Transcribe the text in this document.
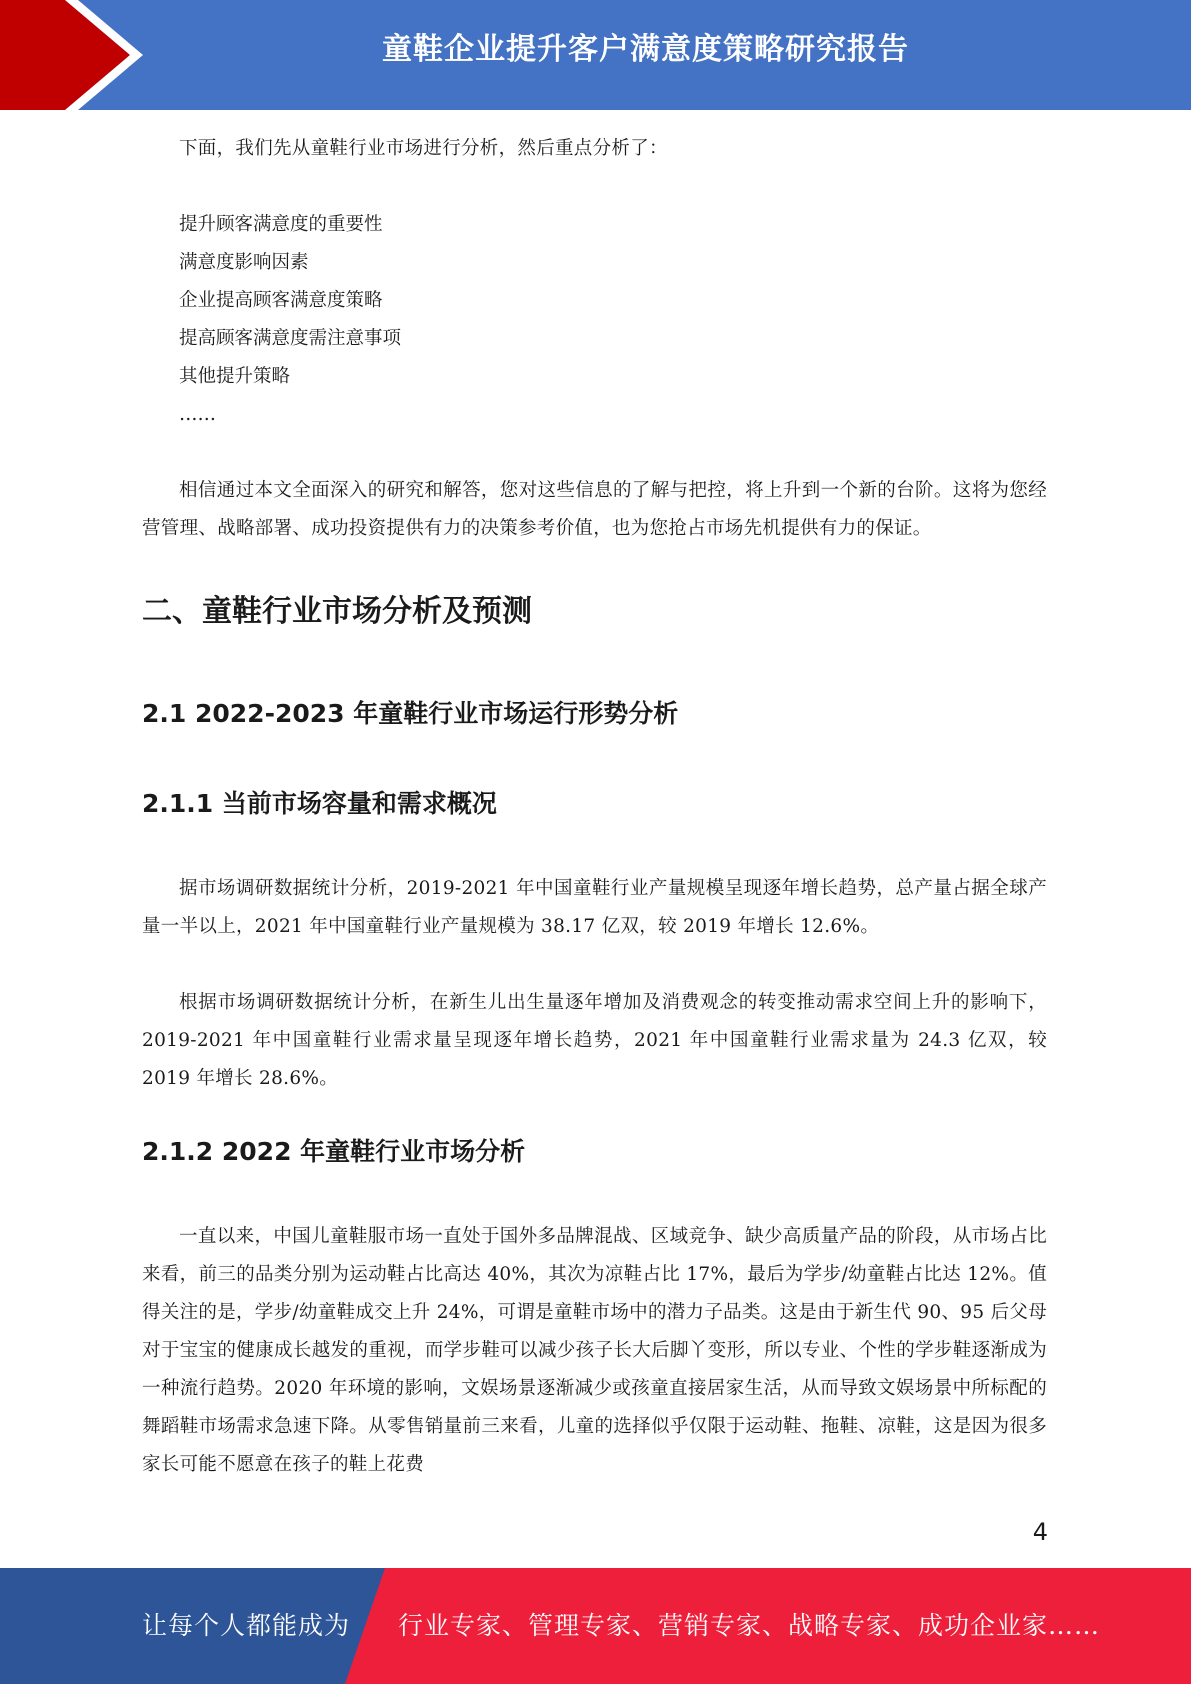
童鞋企业提升客户满意度策略研究报告

下面，我们先从童鞋行业市场进行分析，然后重点分析了：

提升顾客满意度的重要性
满意度影响因素
企业提高顾客满意度策略
提高顾客满意度需注意事项
其他提升策略
……

相信通过本文全面深入的研究和解答，您对这些信息的了解与把控，将上升到一个新的台阶。这将为您经营管理、战略部署、成功投资提供有力的决策参考价值，也为您抢占市场先机提供有力的保证。

二、童鞋行业市场分析及预测
2.1 2022-2023 年童鞋行业市场运行形势分析
2.1.1 当前市场容量和需求概况

据市场调研数据统计分析，2019-2021 年中国童鞋行业产量规模呈现逐年增长趋势，总产量占据全球产量一半以上，2021 年中国童鞋行业产量规模为 38.17 亿双，较 2019 年增长 12.6%。

根据市场调研数据统计分析，在新生儿出生量逐年增加及消费观念的转变推动需求空间上升的影响下，2019-2021 年中国童鞋行业需求量呈现逐年增长趋势，2021 年中国童鞋行业需求量为 24.3 亿双，较 2019 年增长 28.6%。

2.1.2 2022 年童鞋行业市场分析

一直以来，中国儿童鞋服市场一直处于国外多品牌混战、区域竞争、缺少高质量产品的阶段，从市场占比来看，前三的品类分别为运动鞋占比高达 40%，其次为凉鞋占比 17%，最后为学步/幼童鞋占比达 12%。值得关注的是，学步/幼童鞋成交上升 24%，可谓是童鞋市场中的潜力子品类。这是由于新生代 90、95 后父母对于宝宝的健康成长越发的重视，而学步鞋可以减少孩子长大后脚丫变形，所以专业、个性的学步鞋逐渐成为一种流行趋势。2020 年环境的影响，文娱场景逐渐减少或孩童直接居家生活，从而导致文娱场景中所标配的舞蹈鞋市场需求急速下降。从零售销量前三来看，儿童的选择似乎仅限于运动鞋、拖鞋、凉鞋，这是因为很多家长可能不愿意在孩子的鞋上花费

4
让每个人都能成为 行业专家、管理专家、营销专家、战略专家、成功企业家……
